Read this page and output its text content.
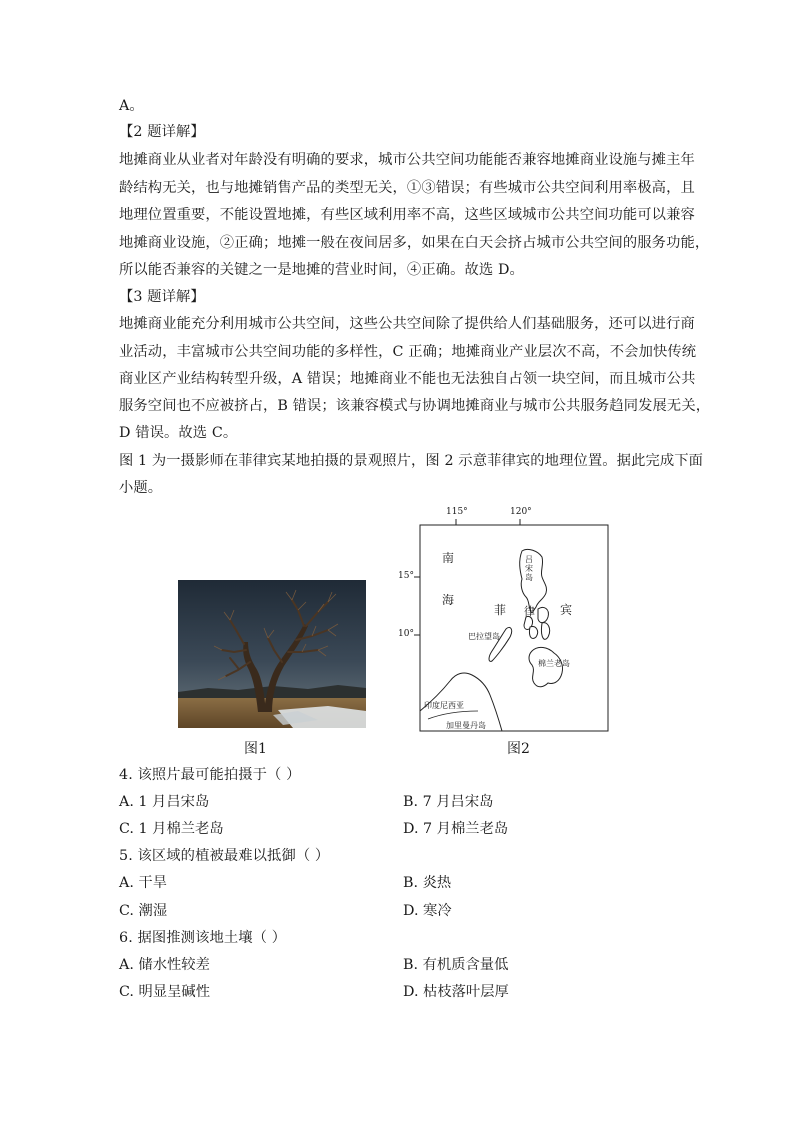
A。
【2 题详解】
地摊商业从业者对年龄没有明确的要求，城市公共空间功能能否兼容地摊商业设施与摊主年
龄结构无关，也与地摊销售产品的类型无关，①③错误；有些城市公共空间利用率极高，且
地理位置重要，不能设置地摊，有些区域利用率不高，这些区域城市公共空间功能可以兼容
地摊商业设施，②正确；地摊一般在夜间居多，如果在白天会挤占城市公共空间的服务功能，
所以能否兼容的关键之一是地摊的营业时间，④正确。故选 D。
【3 题详解】
地摊商业能充分利用城市公共空间，这些公共空间除了提供给人们基础服务，还可以进行商
业活动，丰富城市公共空间功能的多样性，C 正确；地摊商业产业层次不高，不会加快传统
商业区产业结构转型升级，A 错误；地摊商业不能也无法独自占领一块空间，而且城市公共
服务空间也不应被挤占，B 错误；该兼容模式与协调地摊商业与城市公共服务趋同发展无关，
D 错误。故选 C。
图 1 为一摄影师在菲律宾某地拍摄的景观照片，图 2 示意菲律宾的地理位置。据此完成下面
小题。
图1
115°	120°
15°
10°
南
海
菲 律 宾
吕宋岛
巴拉望岛
棉兰老岛
印度尼西亚
加里曼丹岛
图2
4. 该照片最可能拍摄于（ ）
A. 1 月吕宋岛	B. 7 月吕宋岛
C. 1 月棉兰老岛	D. 7 月棉兰老岛
5. 该区域的植被最难以抵御（ ）
A. 干旱	B. 炎热
C. 潮湿	D. 寒冷
6. 据图推测该地土壤（ ）
A. 储水性较差	B. 有机质含量低
C. 明显呈碱性	D. 枯枝落叶层厚
